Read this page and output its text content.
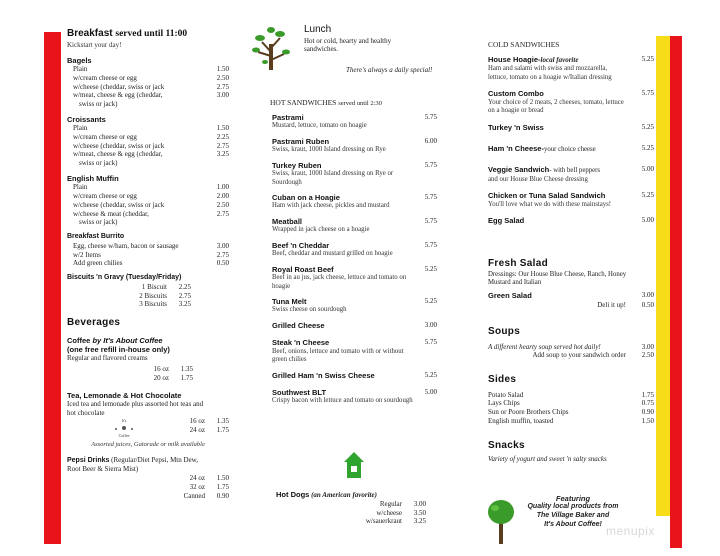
Breakfast served until 11:00
Kickstart your day!
Bagels
Plain	1.50
w/cream cheese or egg	2.50
w/cheese (cheddar, swiss or jack	2.75
w/meat, cheese & egg (cheddar,	3.00
swiss or jack)
Croissants
Plain	1.50
w/cream cheese or egg	2.25
w/cheese (cheddar, swiss or jack	2.75
w/meat, cheese & egg (cheddar,	3.25
swiss or jack)
English Muffin
Plain	1.00
w/cream cheese or egg	2.00
w/cheese (cheddar, swiss or jack	2.50
w/cheese & meat (cheddar,	2.75
swiss or jack)
Breakfast Burrito
Egg, cheese w/ham, bacon or sausage	3.00
w/2 Items	2.75
Add green chilies	0.50
Biscuits 'n Gravy (Tuesday/Friday)
1 Biscuit	2.25
2 Biscuits	2.75
3 Biscuits	3.25
Beverages
Coffee by It's About Coffee
(one free refill in-house only)
Regular and flavored creams
16 oz	1.35
20 oz	1.75
Tea, Lemonade & Hot Chocolate
Iced tea and lemonade plus assorted hot teas and hot chocolate
It's
Coffee
16 oz	1.35
24 oz	1.75
Assorted juices, Gatorade or milk available
Pepsi Drinks (Regular/Diet Pepsi, Mtn Dew, Root Beer & Sierra Mist)
24 oz	1.50
32 oz	1.75
Canned	0.90
Lunch
Hot or cold, hearty and healthy sandwiches.
There's always a daily special!
HOT SANDWICHES served until 2:30
Pastrami	5.75
Mustard, lettuce, tomato on hoagie
Pastrami Ruben	6.00
Swiss, kraut, 1000 Island dressing on Rye
Turkey Ruben	5.75
Swiss, kraut, 1000 Island dressing on Rye or Sourdough
Cuban on a Hoagie	5.75
Ham with jack cheese, pickles and mustard
Meatball	5.75
Wrapped in jack cheese on a hoagie
Beef 'n Cheddar	5.75
Beef, cheddar and mustard grilled on hoagie
Royal Roast Beef	5.25
Beef in au jus, jack cheese, lettuce and tomato on hoagie
Tuna Melt	5.25
Swiss cheese on sourdough
Grilled Cheese	3.00
Steak 'n Cheese	5.75
Beef, onions, lettuce and tomato with or without green chilies
Grilled Ham 'n Swiss Cheese	5.25
Southwest BLT	5.00
Crispy bacon with lettuce and tomato on sourdough
Hot Dogs (an American favorite)
Regular	3.00
w/cheese	3.50
w/sauerkraut	3.25
COLD SANDWICHES
House Hoagie-local favorite	5.25
Ham and salami with swiss and mozzarella, lettuce, tomato on a hoagie w/Italian dressing
Custom Combo	5.75
Your choice of 2 meats, 2 cheeses, tomato, lettuce on a hoagie or bread
Turkey 'n Swiss	5.25
Ham 'n Cheese-your choice cheese	5.25
Veggie Sandwich- with bell peppers	5.00
and our House Blue Cheese dressing
Chicken or Tuna Salad Sandwich	5.25
You'll love what we do with these mainstays!
Egg Salad	5.00
Fresh Salad
Dressings: Our House Blue Cheese, Ranch, Honey Mustard and Italian
Green Salad	3.00
Deli it up!	0.50
Soups
A different hearty soup served hot daily!	3.00
Add soup to your sandwich order	2.50
Sides
Potato Salad	1.75
Lays Chips	0.75
Sun or Poore Brothers Chips	0.90
English muffin, toasted	1.50
Snacks
Variety of yogurt and sweet 'n salty snacks
Featuring
Quality local products from
The Village Baker and
It's About Coffee! menupix
